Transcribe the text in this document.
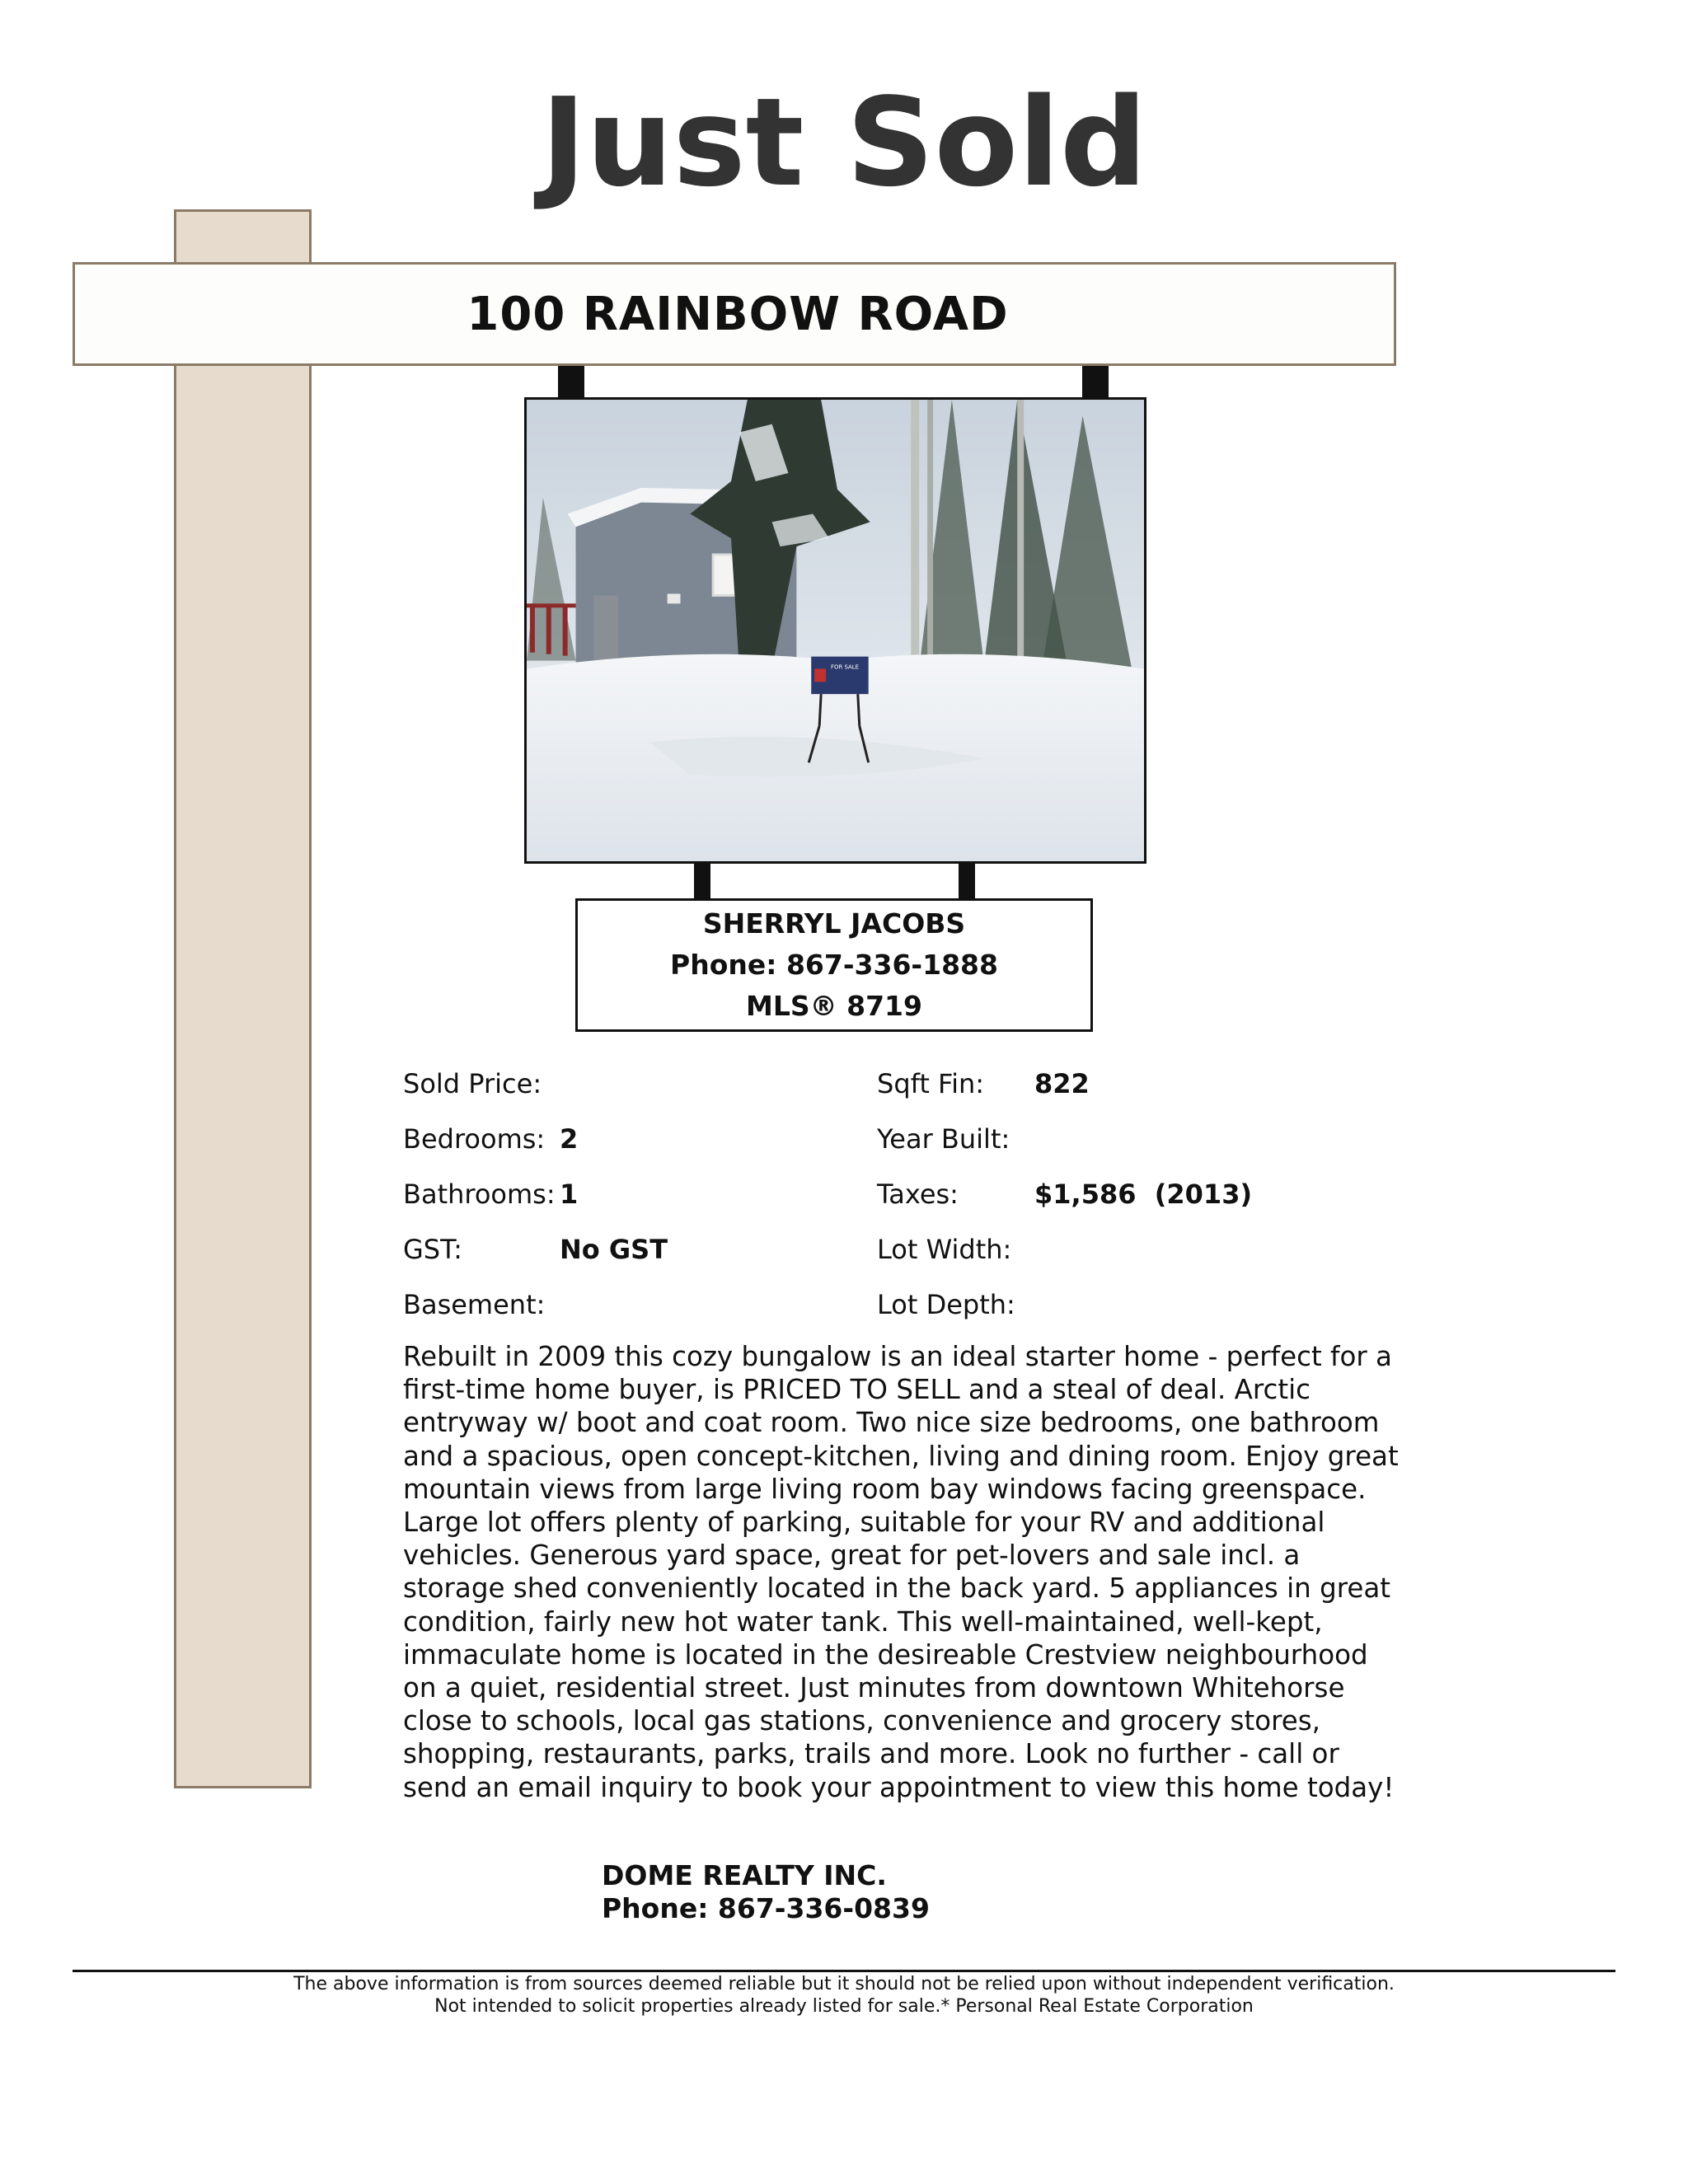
Just Sold
100 RAINBOW ROAD
FOR SALE
SHERRYL JACOBS
Phone: 867-336-1888
MLS® 8719
Sold Price:
Bedrooms: 2
Bathrooms: 1
GST:	No GST
Basement:
Sqft Fin: 822
Year Built:
Taxes:	$1,586  (2013)
Lot Width:
Lot Depth:
Rebuilt in 2009 this cozy bungalow is an ideal starter home - perfect for a
first-time home buyer, is PRICED TO SELL and a steal of deal. Arctic
entryway w/ boot and coat room. Two nice size bedrooms, one bathroom
and a spacious, open concept-kitchen, living and dining room. Enjoy great
mountain views from large living room bay windows facing greenspace.
Large lot offers plenty of parking, suitable for your RV and additional
vehicles. Generous yard space, great for pet-lovers and sale incl. a
storage shed conveniently located in the back yard. 5 appliances in great
condition, fairly new hot water tank. This well-maintained, well-kept,
immaculate home is located in the desireable Crestview neighbourhood
on a quiet, residential street. Just minutes from downtown Whitehorse
close to schools, local gas stations, convenience and grocery stores,
shopping, restaurants, parks, trails and more. Look no further - call or
send an email inquiry to book your appointment to view this home today!
DOME REALTY INC.
Phone: 867-336-0839
The above information is from sources deemed reliable but it should not be relied upon without independent verification.
Not intended to solicit properties already listed for sale.* Personal Real Estate Corporation
